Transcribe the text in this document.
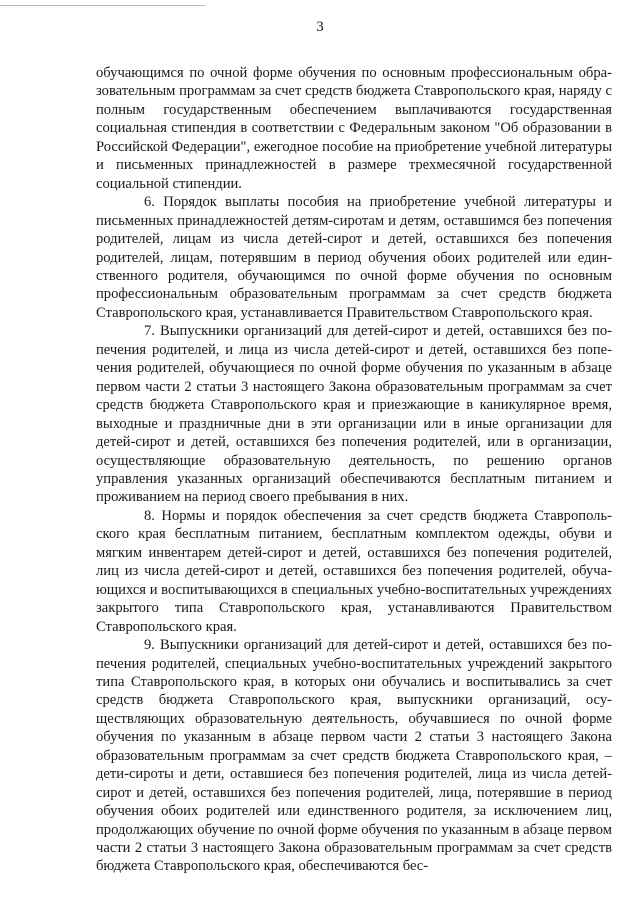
3

обучающимся по очной форме обучения по основным профессиональным образовательным программам за счет средств бюджета Ставропольского края, наряду с полным государственным обеспечением выплачиваются государственная социальная стипендия в соответствии с Федеральным законом "Об образовании в Российской Федерации", ежегодное пособие на приобретение учебной литературы и письменных принадлежностей в размере трехмесячной государственной социальной стипендии.

6. Порядок выплаты пособия на приобретение учебной литературы и письменных принадлежностей детям-сиротам и детям, оставшимся без попечения родителей, лицам из числа детей-сирот и детей, оставшихся без попечения родителей, лицам, потерявшим в период обучения обоих родителей или единственного родителя, обучающимся по очной форме обучения по основным профессиональным образовательным программам за счет средств бюджета Ставропольского края, устанавливается Правительством Ставропольского края.

7. Выпускники организаций для детей-сирот и детей, оставшихся без попечения родителей, и лица из числа детей-сирот и детей, оставшихся без попечения родителей, обучающиеся по очной форме обучения по указанным в абзаце первом части 2 статьи 3 настоящего Закона образовательным программам за счет средств бюджета Ставропольского края и приезжающие в каникулярное время, выходные и праздничные дни в эти организации или в иные организации для детей-сирот и детей, оставшихся без попечения родителей, или в организации, осуществляющие образовательную деятельность, по решению органов управления указанных организаций обеспечиваются бесплатным питанием и проживанием на период своего пребывания в них.

8. Нормы и порядок обеспечения за счет средств бюджета Ставропольского края бесплатным питанием, бесплатным комплектом одежды, обуви и мягким инвентарем детей-сирот и детей, оставшихся без попечения родителей, лиц из числа детей-сирот и детей, оставшихся без попечения родителей, обучающихся и воспитывающихся в специальных учебно-воспитательных учреждениях закрытого типа Ставропольского края, устанавливаются Правительством Ставропольского края.

9. Выпускники организаций для детей-сирот и детей, оставшихся без попечения родителей, специальных учебно-воспитательных учреждений закрытого типа Ставропольского края, в которых они обучались и воспитывались за счет средств бюджета Ставропольского края, выпускники организаций, осуществляющих образовательную деятельность, обучавшиеся по очной форме обучения по указанным в абзаце первом части 2 статьи 3 настоящего Закона образовательным программам за счет средств бюджета Ставропольского края, – дети-сироты и дети, оставшиеся без попечения родителей, лица из числа детей-сирот и детей, оставшихся без попечения родителей, лица, потерявшие в период обучения обоих родителей или единственного родителя, за исключением лиц, продолжающих обучение по очной форме обучения по указанным в абзаце первом части 2 статьи 3 настоящего Закона образовательным программам за счет средств бюджета Ставропольского края, обеспечиваются бес-
